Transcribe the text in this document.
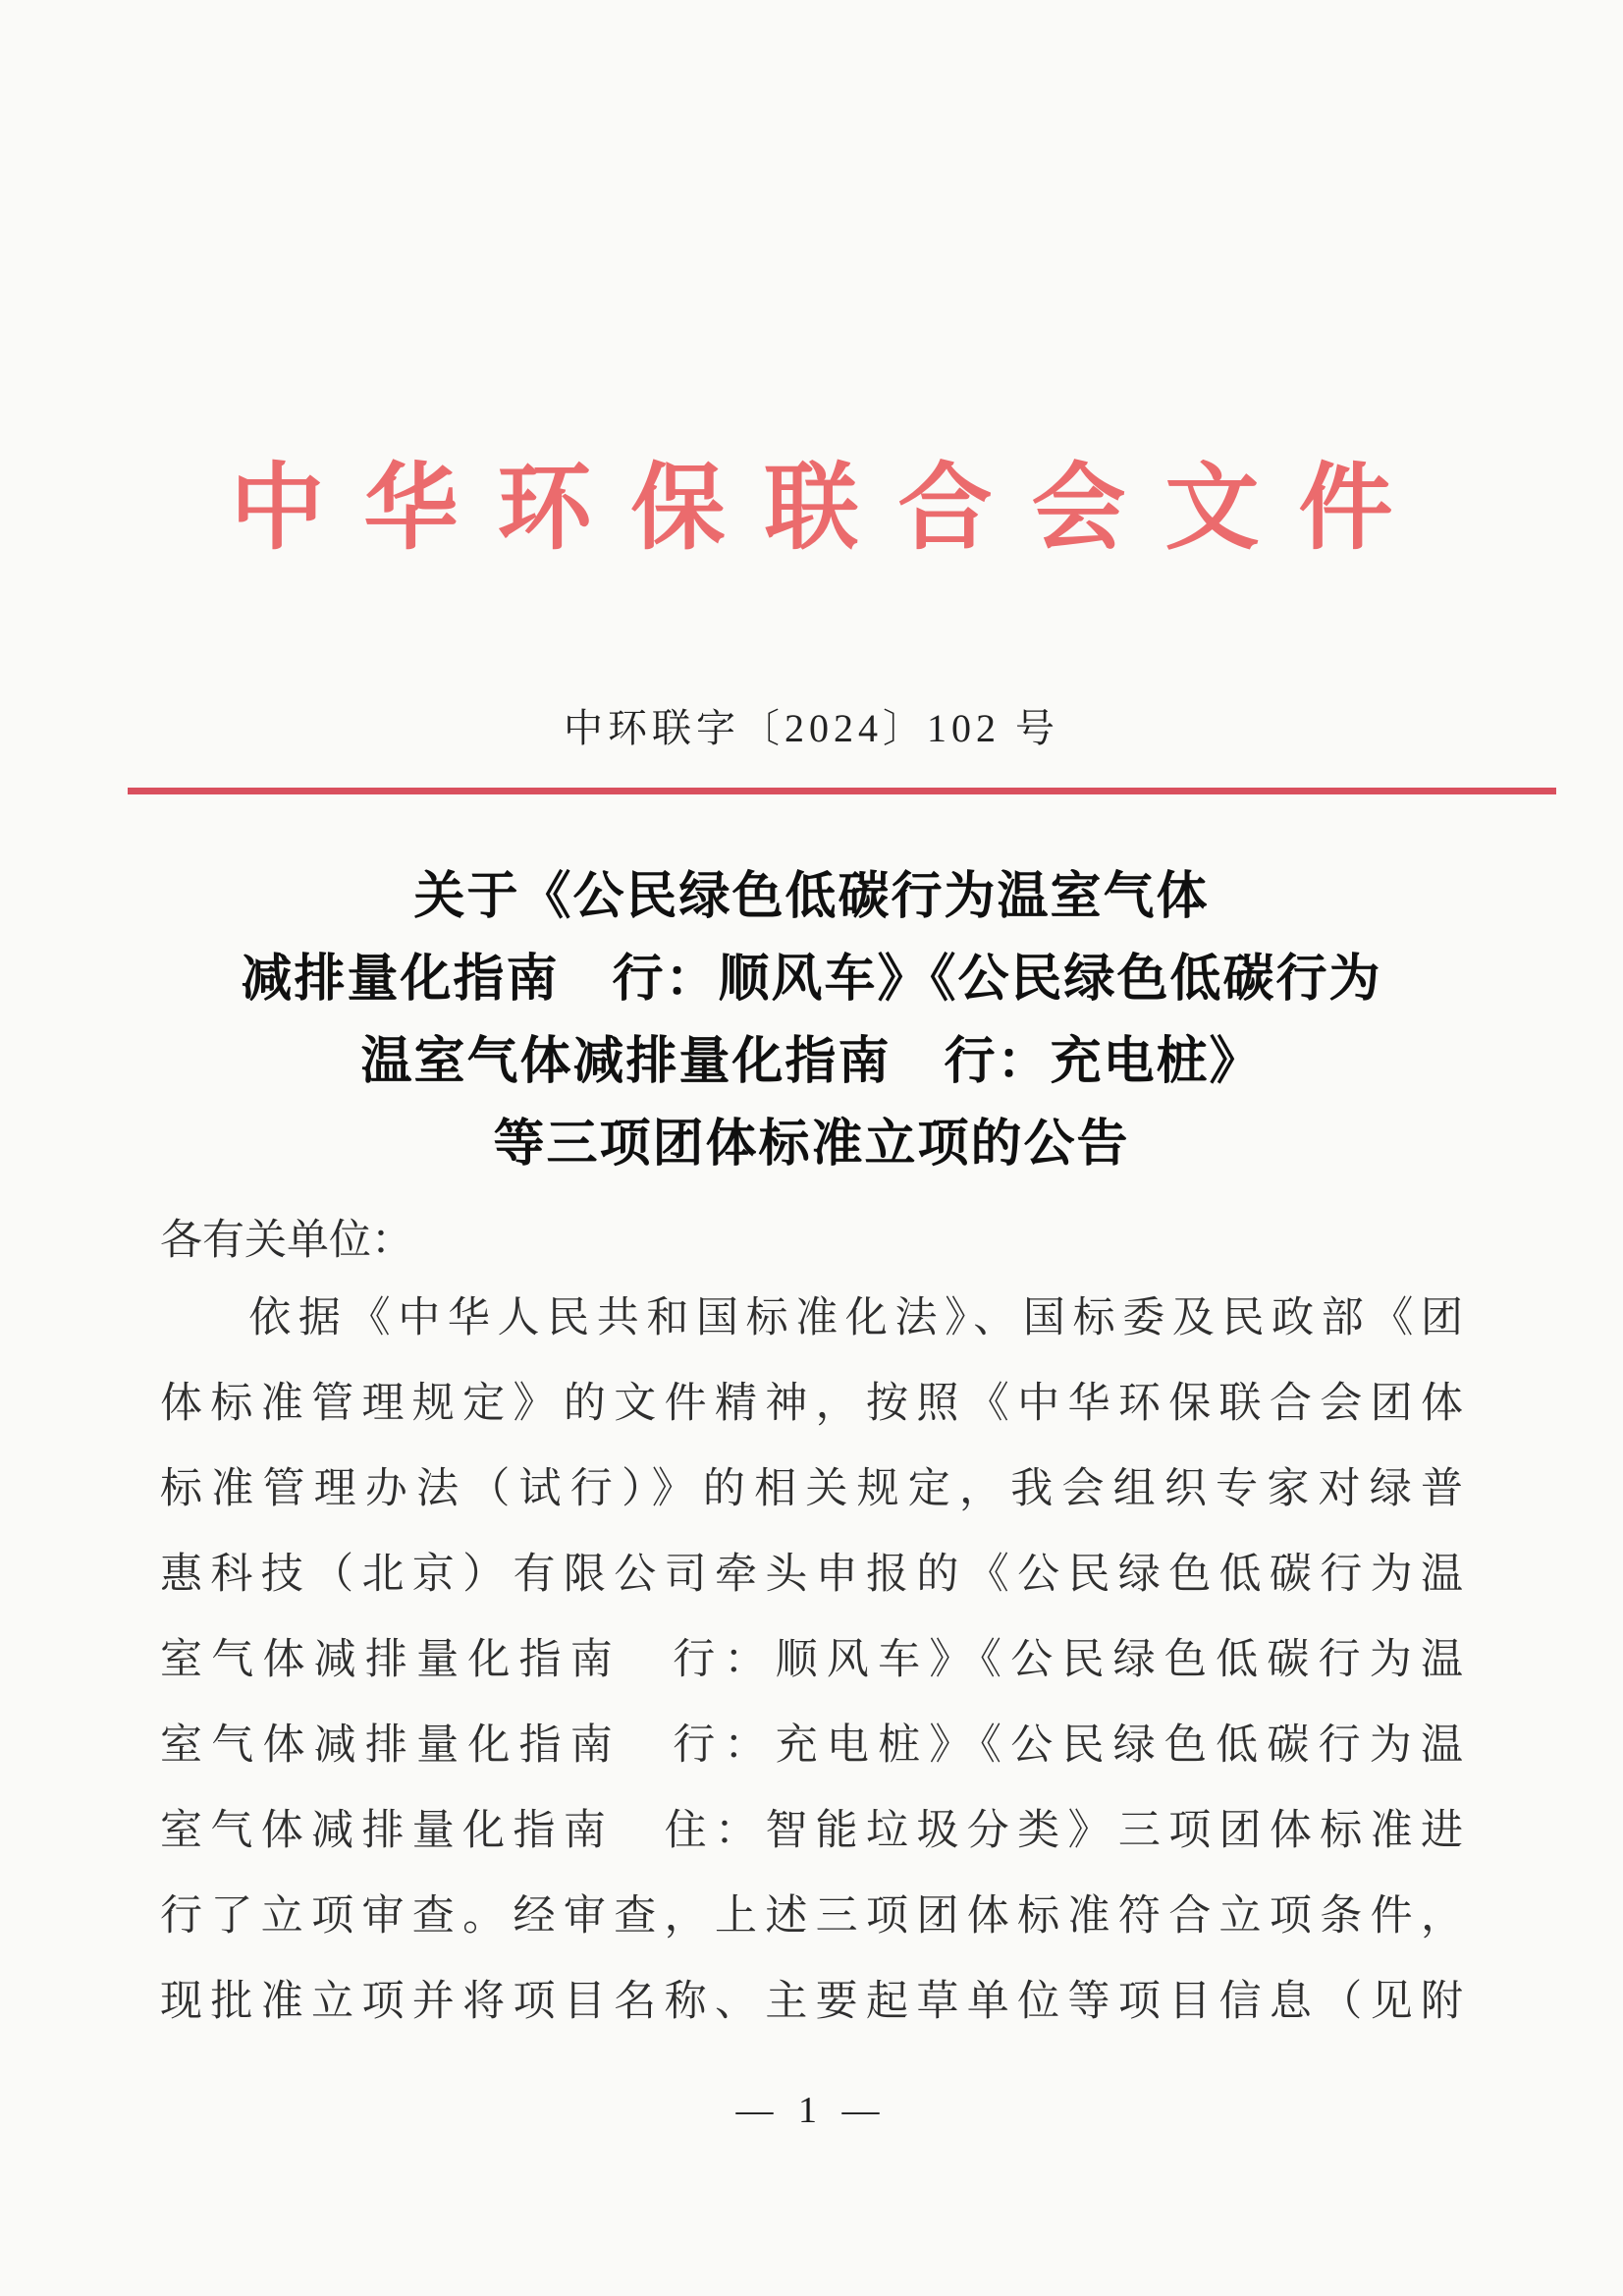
中华环保联合会文件
中环联字〔2024〕102 号
关于《公民绿色低碳行为温室气体
减排量化指南　行：顺风车》《公民绿色低碳行为
温室气体减排量化指南　行：充电桩》
等三项团体标准立项的公告
各有关单位：
依据《中华人民共和国标准化法》、国标委及民政部《团
体标准管理规定》的文件精神，按照《中华环保联合会团体
标准管理办法（试行）》的相关规定，我会组织专家对绿普
惠科技（北京）有限公司牵头申报的《公民绿色低碳行为温
室气体减排量化指南　行：顺风车》《公民绿色低碳行为温
室气体减排量化指南　行：充电桩》《公民绿色低碳行为温
室气体减排量化指南　住：智能垃圾分类》三项团体标准进
行了立项审查。经审查，上述三项团体标准符合立项条件，
现批准立项并将项目名称、主要起草单位等项目信息（见附
— 1 —
